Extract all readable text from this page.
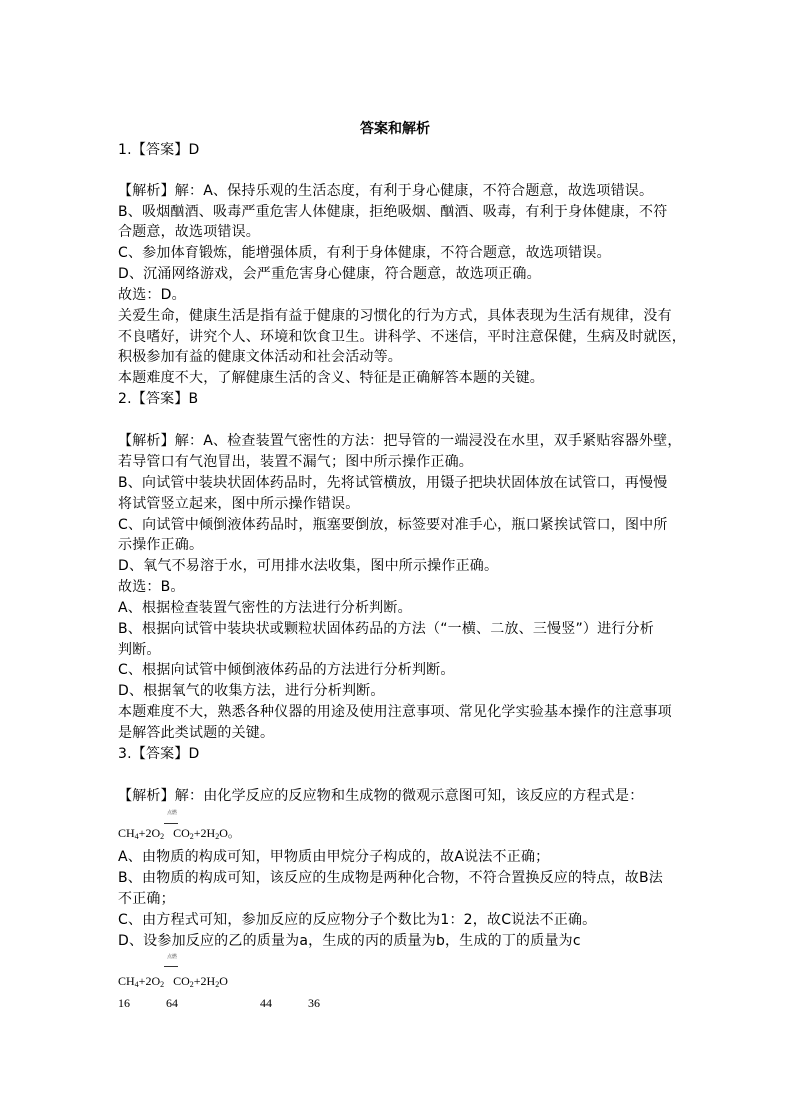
答案和解析
1.【答案】D
【解析】解：A、保持乐观的生活态度，有利于身心健康，不符合题意，故选项错误。
B、吸烟酗酒、吸毒严重危害人体健康，拒绝吸烟、酗酒、吸毒，有利于身体健康，不符
合题意，故选项错误。
C、参加体育锻炼，能增强体质，有利于身体健康，不符合题意，故选项错误。
D、沉涌网络游戏，会严重危害身心健康，符合题意，故选项正确。
故选：D。
关爱生命，健康生活是指有益于健康的习惯化的行为方式，具体表现为生活有规律，没有
不良嗜好，讲究个人、环境和饮食卫生。讲科学、不迷信，平时注意保健，生病及时就医，
积极参加有益的健康文体活动和社会活动等。
本题难度不大，了解健康生活的含义、特征是正确解答本题的关键。
2.【答案】B
【解析】解：A、检查装置气密性的方法：把导管的一端浸没在水里，双手紧贴容器外壁，
若导管口有气泡冒出，装置不漏气；图中所示操作正确。
B、向试管中装块状固体药品时，先将试管横放，用镊子把块状固体放在试管口，再慢慢
将试管竖立起来，图中所示操作错误。
C、向试管中倾倒液体药品时，瓶塞要倒放，标签要对准手心，瓶口紧挨试管口，图中所
示操作正确。
D、氧气不易溶于水，可用排水法收集，图中所示操作正确。
故选：B。
A、根据检查装置气密性的方法进行分析判断。
B、根据向试管中装块状或颗粒状固体药品的方法（“一横、二放、三慢竖”）进行分析
判断。
C、根据向试管中倾倒液体药品的方法进行分析判断。
D、根据氧气的收集方法，进行分析判断。
本题难度不大，熟悉各种仪器的用途及使用注意事项、常见化学实验基本操作的注意事项
是解答此类试题的关键。
3.【答案】D
【解析】解：由化学反应的反应物和生成物的微观示意图可知，该反应的方程式是：
点燃
$CH_4+2O_2$ $CO_2+2H_2O$。
A、由物质的构成可知，甲物质由甲烷分子构成的，故A说法不正确；
B、由物质的构成可知，该反应的生成物是两种化合物，不符合置换反应的特点，故B法
不正确；
C、由方程式可知，参加反应的反应物分子个数比为1：2，故C说法不正确。
D、设参加反应的乙的质量为a，生成的丙的质量为b，生成的丁的质量为c
点燃
$CH_4+2O_2$ $CO_2+2H_2O$
16	64	44	36
